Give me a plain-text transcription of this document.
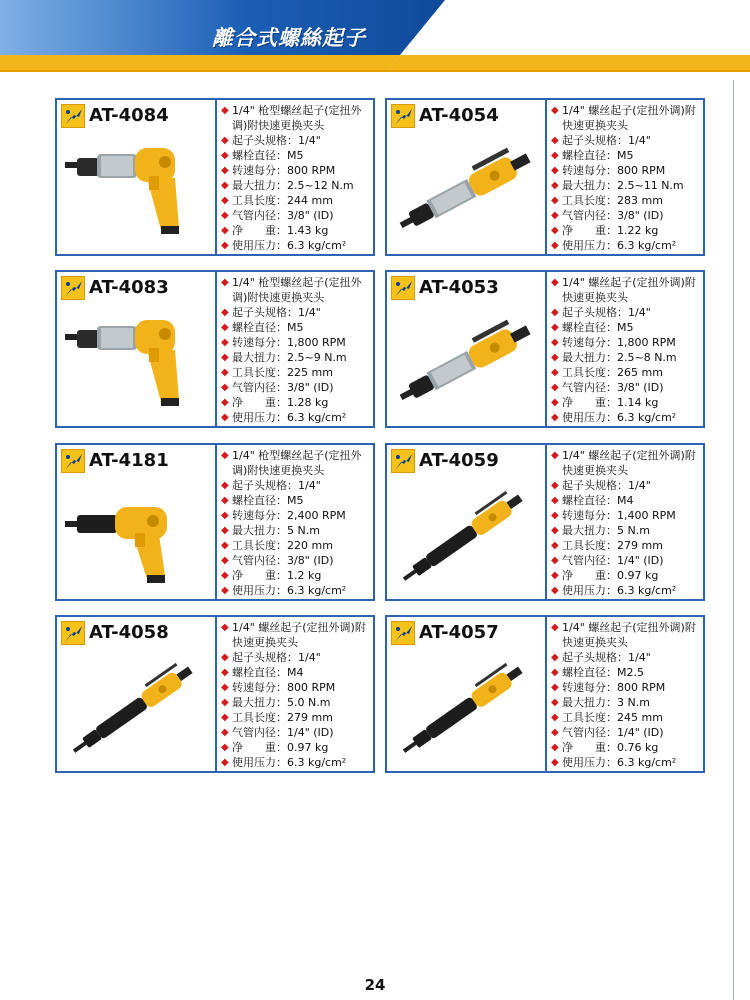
離合式螺絲起子
AT-4084	◆ 1/4" 枪型螺丝起子(定扭外调)附快速更换夹头
◆ 起子头规格：1/4"
◆ 螺栓直径：M5
◆ 转速每分：800 RPM
◆ 最大扭力：2.5~12 N.m
◆ 工具长度：244 mm
◆ 气管内径：3/8" (ID)
◆ 净　　重：1.43 kg
◆ 使用压力：6.3 kg/cm²
AT-4054	◆ 1/4" 螺丝起子(定扭外调)附快速更换夹头
◆ 起子头规格：1/4"
◆ 螺栓直径：M5
◆ 转速每分：800 RPM
◆ 最大扭力：2.5~11 N.m
◆ 工具长度：283 mm
◆ 气管内径：3/8" (ID)
◆ 净　　重：1.22 kg
◆ 使用压力：6.3 kg/cm²
AT-4083	◆ 1/4" 枪型螺丝起子(定扭外调)附快速更换夹头
◆ 起子头规格：1/4"
◆ 螺栓直径：M5
◆ 转速每分：1,800 RPM
◆ 最大扭力：2.5~9 N.m
◆ 工具长度：225 mm
◆ 气管内径：3/8" (ID)
◆ 净　　重：1.28 kg
◆ 使用压力：6.3 kg/cm²
AT-4053	◆ 1/4" 螺丝起子(定扭外调)附快速更换夹头
◆ 起子头规格：1/4"
◆ 螺栓直径：M5
◆ 转速每分：1,800 RPM
◆ 最大扭力：2.5~8 N.m
◆ 工具长度：265 mm
◆ 气管内径：3/8" (ID)
◆ 净　　重：1.14 kg
◆ 使用压力：6.3 kg/cm²
AT-4181	◆ 1/4" 枪型螺丝起子(定扭外调)附快速更换夹头
◆ 起子头规格：1/4"
◆ 螺栓直径：M5
◆ 转速每分：2,400 RPM
◆ 最大扭力：5 N.m
◆ 工具长度：220 mm
◆ 气管内径：3/8" (ID)
◆ 净　　重：1.2 kg
◆ 使用压力：6.3 kg/cm²
AT-4059	◆ 1/4" 螺丝起子(定扭外调)附快速更换夹头
◆ 起子头规格：1/4"
◆ 螺栓直径：M4
◆ 转速每分：1,400 RPM
◆ 最大扭力：5 N.m
◆ 工具长度：279 mm
◆ 气管内径：1/4" (ID)
◆ 净　　重：0.97 kg
◆ 使用压力：6.3 kg/cm²
AT-4058	◆ 1/4" 螺丝起子(定扭外调)附快速更换夹头
◆ 起子头规格：1/4"
◆ 螺栓直径：M4
◆ 转速每分：800 RPM
◆ 最大扭力：5.0 N.m
◆ 工具长度：279 mm
◆ 气管内径：1/4" (ID)
◆ 净　　重：0.97 kg
◆ 使用压力：6.3 kg/cm²
AT-4057	◆ 1/4" 螺丝起子(定扭外调)附快速更换夹头
◆ 起子头规格：1/4"
◆ 螺栓直径：M2.5
◆ 转速每分：800 RPM
◆ 最大扭力：3 N.m
◆ 工具长度：245 mm
◆ 气管内径：1/4" (ID)
◆ 净　　重：0.76 kg
◆ 使用压力：6.3 kg/cm²
24
